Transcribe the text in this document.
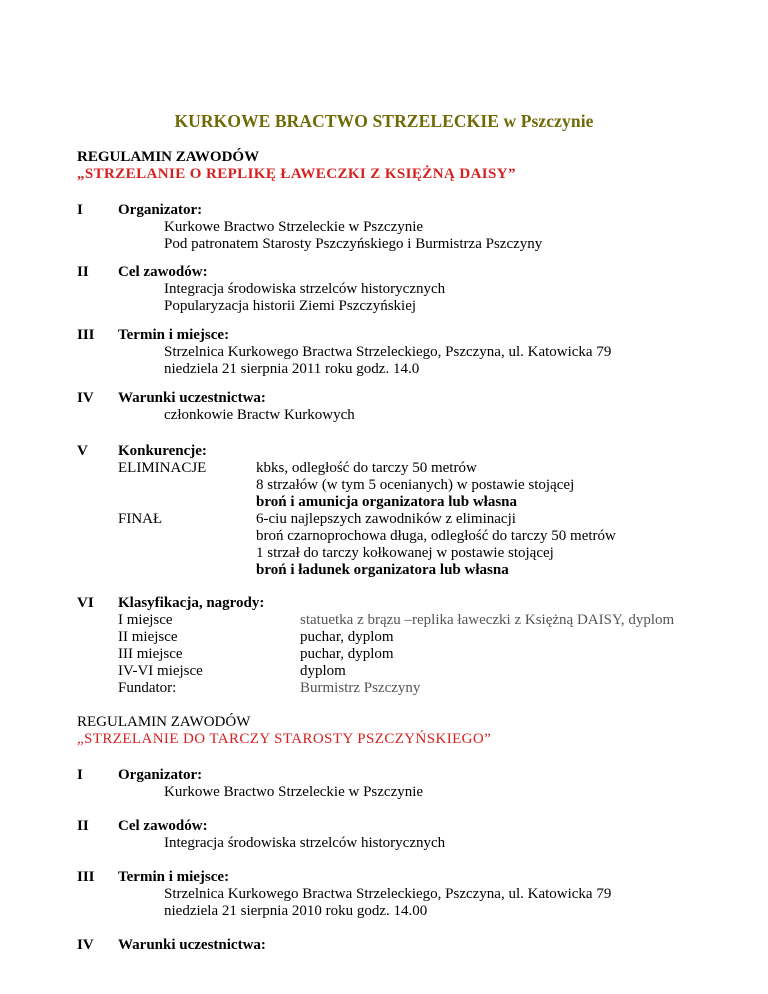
KURKOWE BRACTWO STRZELECKIE w Pszczynie
REGULAMIN ZAWODÓW
„STRZELANIE O REPLIKĘ ŁAWECZKI Z KSIĘŻNĄ DAISY”
I Organizator:
Kurkowe Bractwo Strzeleckie w Pszczynie
Pod patronatem Starosty Pszczyńskiego i Burmistrza Pszczyny
II Cel zawodów:
Integracja środowiska strzelców historycznych
Popularyzacja historii Ziemi Pszczyńskiej
III Termin i miejsce:
Strzelnica Kurkowego Bractwa Strzeleckiego, Pszczyna, ul. Katowicka 79
niedziela 21 sierpnia 2011 roku godz. 14.0
IV Warunki uczestnictwa:
członkowie Bractw Kurkowych
V Konkurencje:
ELIMINACJE	kbks, odległość do tarczy 50 metrów
8 strzałów (w tym 5 ocenianych) w postawie stojącej
broń i amunicja organizatora lub własna
FINAŁ	6-ciu najlepszych zawodników z eliminacji
broń czarnoprochowa długa, odległość do tarczy 50 metrów
1 strzał do tarczy kołkowanej w postawie stojącej
broń i ładunek organizatora lub własna
VI Klasyfikacja, nagrody:
I miejsce	statuetka z brązu –replika ławeczki z Księżną DAISY, dyplom
II miejsce	puchar, dyplom
III miejsce	puchar, dyplom
IV-VI miejsce	dyplom
Fundator:	Burmistrz Pszczyny
REGULAMIN ZAWODÓW
„STRZELANIE DO TARCZY STAROSTY PSZCZYŃSKIEGO”
I Organizator:
Kurkowe Bractwo Strzeleckie w Pszczynie
II Cel zawodów:
Integracja środowiska strzelców historycznych
III Termin i miejsce:
Strzelnica Kurkowego Bractwa Strzeleckiego, Pszczyna, ul. Katowicka 79
niedziela 21 sierpnia 2010 roku godz. 14.00
IV Warunki uczestnictwa:
